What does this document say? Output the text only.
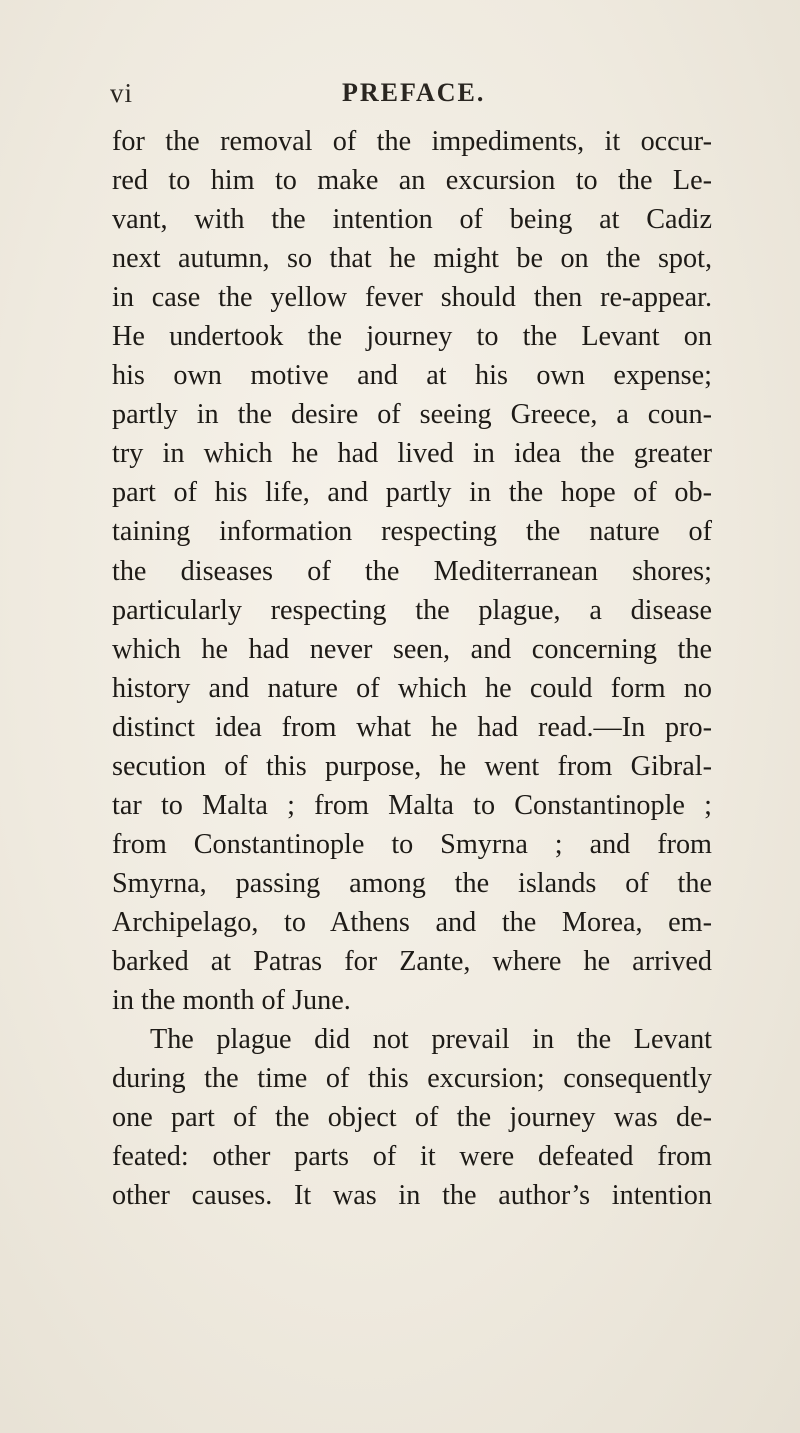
vi	PREFACE.
for the removal of the impediments, it occur-
red to him to make an excursion to the Le-
vant, with the intention of being at Cadiz
next autumn, so that he might be on the spot,
in case the yellow fever should then re-appear.
He undertook the journey to the Levant on
his own motive and at his own expense;
partly in the desire of seeing Greece, a coun-
try in which he had lived in idea the greater
part of his life, and partly in the hope of ob-
taining information respecting the nature of
the diseases of the Mediterranean shores;
particularly respecting the plague, a disease
which he had never seen, and concerning the
history and nature of which he could form no
distinct idea from what he had read.—In pro-
secution of this purpose, he went from Gibral-
tar to Malta ; from Malta to Constantinople ;
from Constantinople to Smyrna ; and from
Smyrna, passing among the islands of the
Archipelago, to Athens and the Morea, em-
barked at Patras for Zante, where he arrived
in the month of June.
The plague did not prevail in the Levant
during the time of this excursion; consequently
one part of the object of the journey was de-
feated: other parts of it were defeated from
other causes. It was in the author’s intention
